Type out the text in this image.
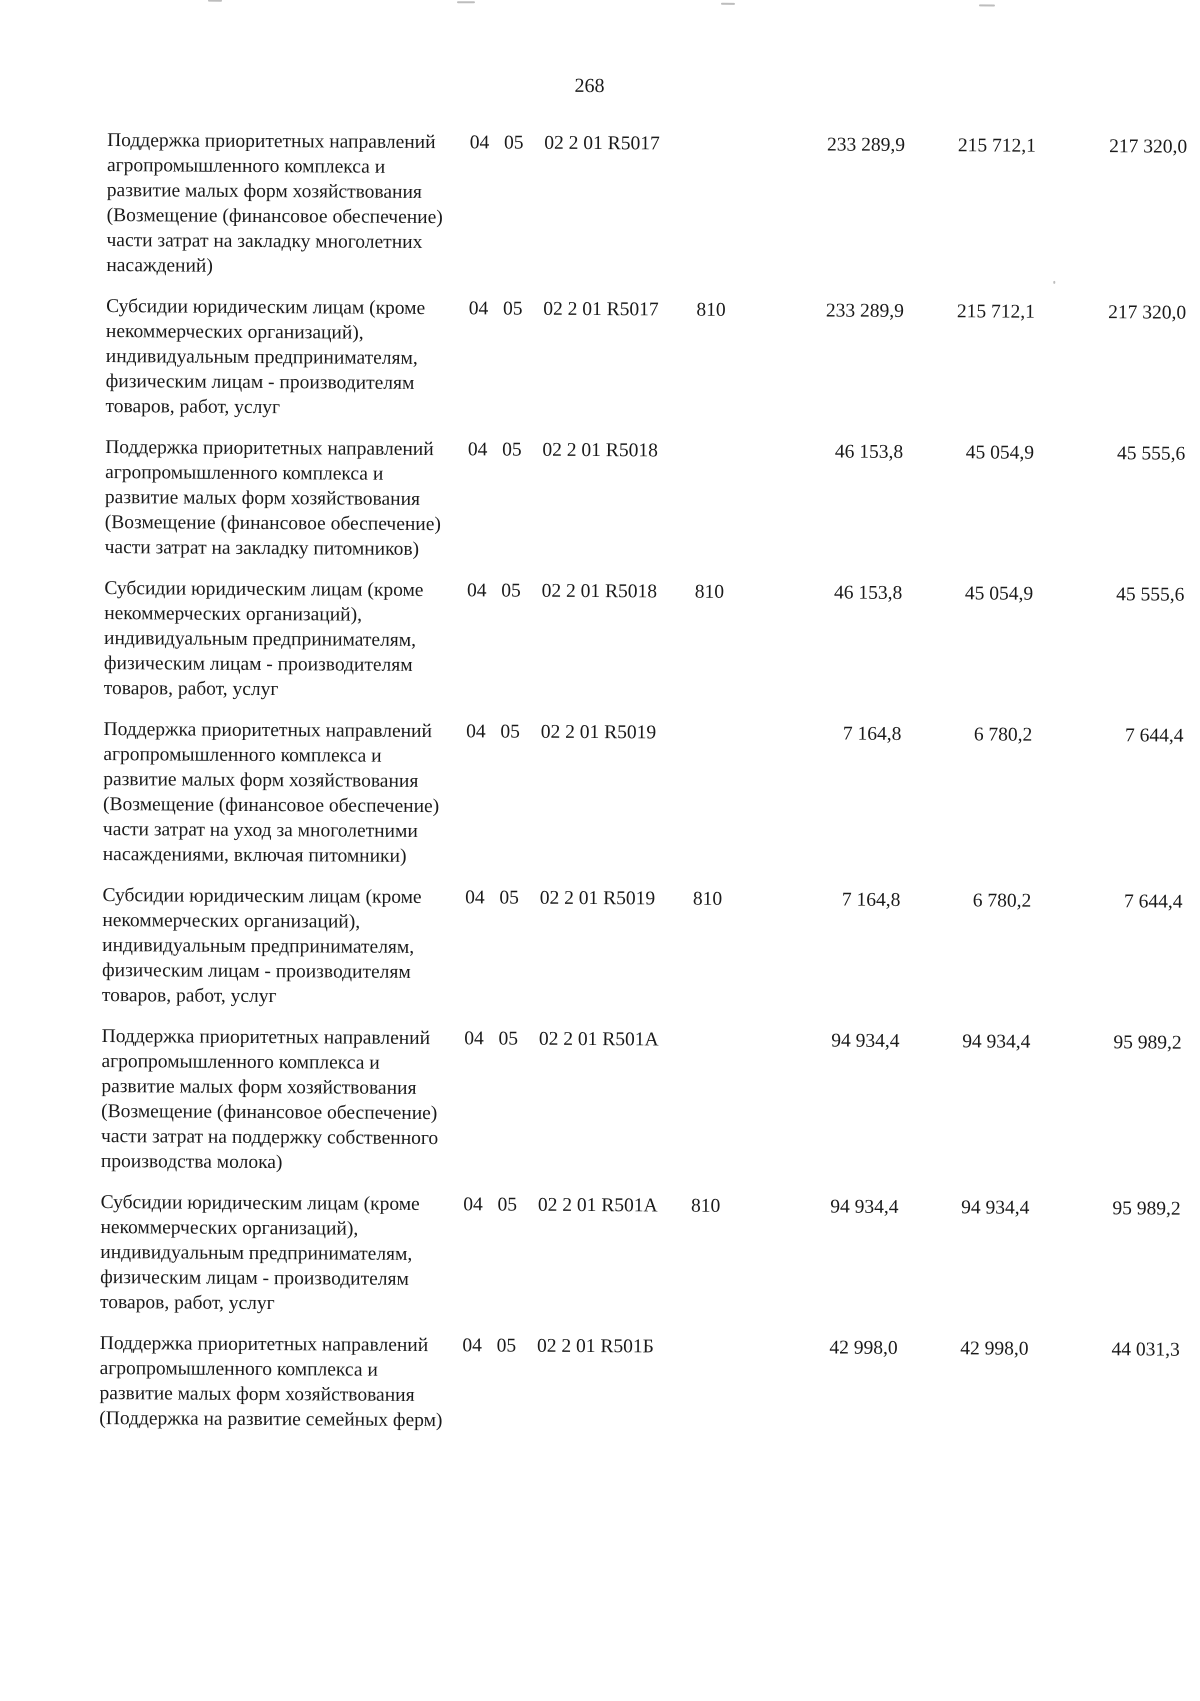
268
Поддержка приоритетных направлений агропромышленного комплекса и развитие малых форм хозяйствования (Возмещение (финансовое обеспечение) части затрат на закладку многолетних насаждений)	04	05	02 2 01 R5017		233 289,9	215 712,1	217 320,0

Субсидии юридическим лицам (кроме некоммерческих организаций), индивидуальным предпринимателям, физическим лицам - производителям товаров, работ, услуг	04	05	02 2 01 R5017	810	233 289,9	215 712,1	217 320,0

Поддержка приоритетных направлений агропромышленного комплекса и развитие малых форм хозяйствования (Возмещение (финансовое обеспечение) части затрат на закладку питомников)	04	05	02 2 01 R5018		46 153,8	45 054,9	45 555,6

Субсидии юридическим лицам (кроме некоммерческих организаций), индивидуальным предпринимателям, физическим лицам - производителям товаров, работ, услуг	04	05	02 2 01 R5018	810	46 153,8	45 054,9	45 555,6

Поддержка приоритетных направлений агропромышленного комплекса и развитие малых форм хозяйствования (Возмещение (финансовое обеспечение) части затрат на уход за многолетними насаждениями, включая питомники)	04	05	02 2 01 R5019		7 164,8	6 780,2	7 644,4

Субсидии юридическим лицам (кроме некоммерческих организаций), индивидуальным предпринимателям, физическим лицам - производителям товаров, работ, услуг	04	05	02 2 01 R5019	810	7 164,8	6 780,2	7 644,4

Поддержка приоритетных направлений агропромышленного комплекса и развитие малых форм хозяйствования (Возмещение (финансовое обеспечение) части затрат на поддержку собственного производства молока)	04	05	02 2 01 R501A		94 934,4	94 934,4	95 989,2

Субсидии юридическим лицам (кроме некоммерческих организаций), индивидуальным предпринимателям, физическим лицам - производителям товаров, работ, услуг	04	05	02 2 01 R501A	810	94 934,4	94 934,4	95 989,2

Поддержка приоритетных направлений агропромышленного комплекса и развитие малых форм хозяйствования (Поддержка на развитие семейных ферм)	04	05	02 2 01 R501Б		42 998,0	42 998,0	44 031,3
